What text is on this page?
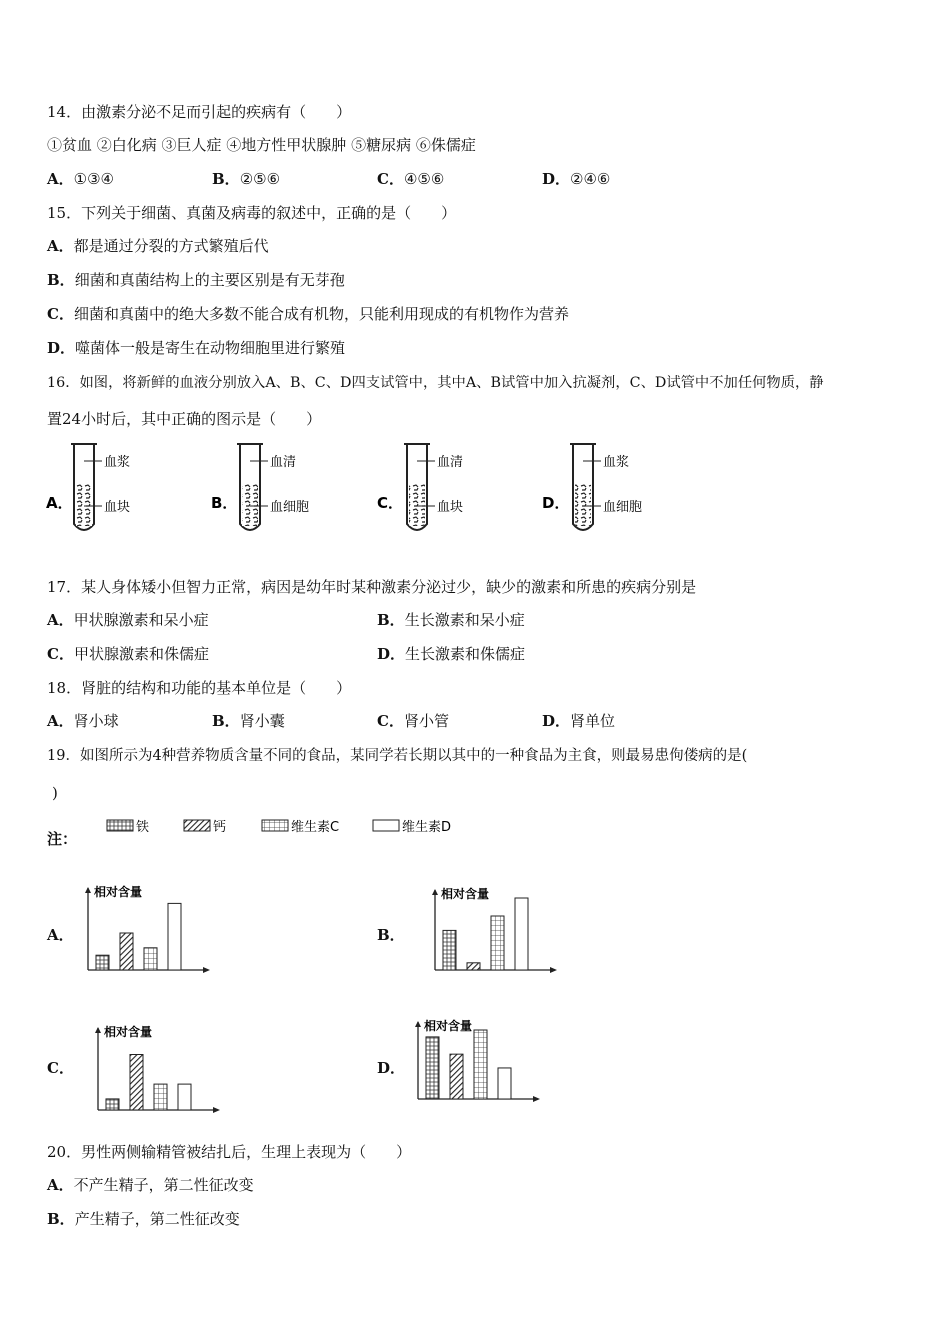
14．由激素分泌不足而引起的疾病有（　　）
①贫血 ②白化病 ③巨人症 ④地方性甲状腺肿 ⑤糖尿病 ⑥侏儒症
A．①③④	B．②⑤⑥	C．④⑤⑥	D．②④⑥
15．下列关于细菌、真菌及病毒的叙述中，正确的是（　　）
A．都是通过分裂的方式繁殖后代
B．细菌和真菌结构上的主要区别是有无芽孢
C．细菌和真菌中的绝大多数不能合成有机物，只能利用现成的有机物作为营养
D．噬菌体一般是寄生在动物细胞里进行繁殖
16．如图，将新鲜的血液分别放入A、B、C、D四支试管中，其中A、B试管中加入抗凝剂，C、D试管中不加任何物质，静
置24小时后，其中正确的图示是（　　）
A．
血浆
血块	B．
血清
血细胞	C．
血清
血块	D．
血浆
血细胞
17．某人身体矮小但智力正常，病因是幼年时某种激素分泌过少，缺少的激素和所患的疾病分别是
A．甲状腺激素和呆小症	B．生长激素和呆小症
C．甲状腺激素和侏儒症	D．生长激素和侏儒症
18．肾脏的结构和功能的基本单位是（　　）
A．肾小球	B．肾小囊	C．肾小管	D．肾单位
19．如图所示为4种营养物质含量不同的食品，某同学若长期以其中的一种食品为主食，则最易患佝偻病的是(
)
注：
铁	钙	维生素C	维生素D
A．	B．
C．	D．
相对含量	相对含量
相对含量	相对含量
20．男性两侧输精管被结扎后，生理上表现为（　　）
A．不产生精子，第二性征改变
B．产生精子，第二性征改变
